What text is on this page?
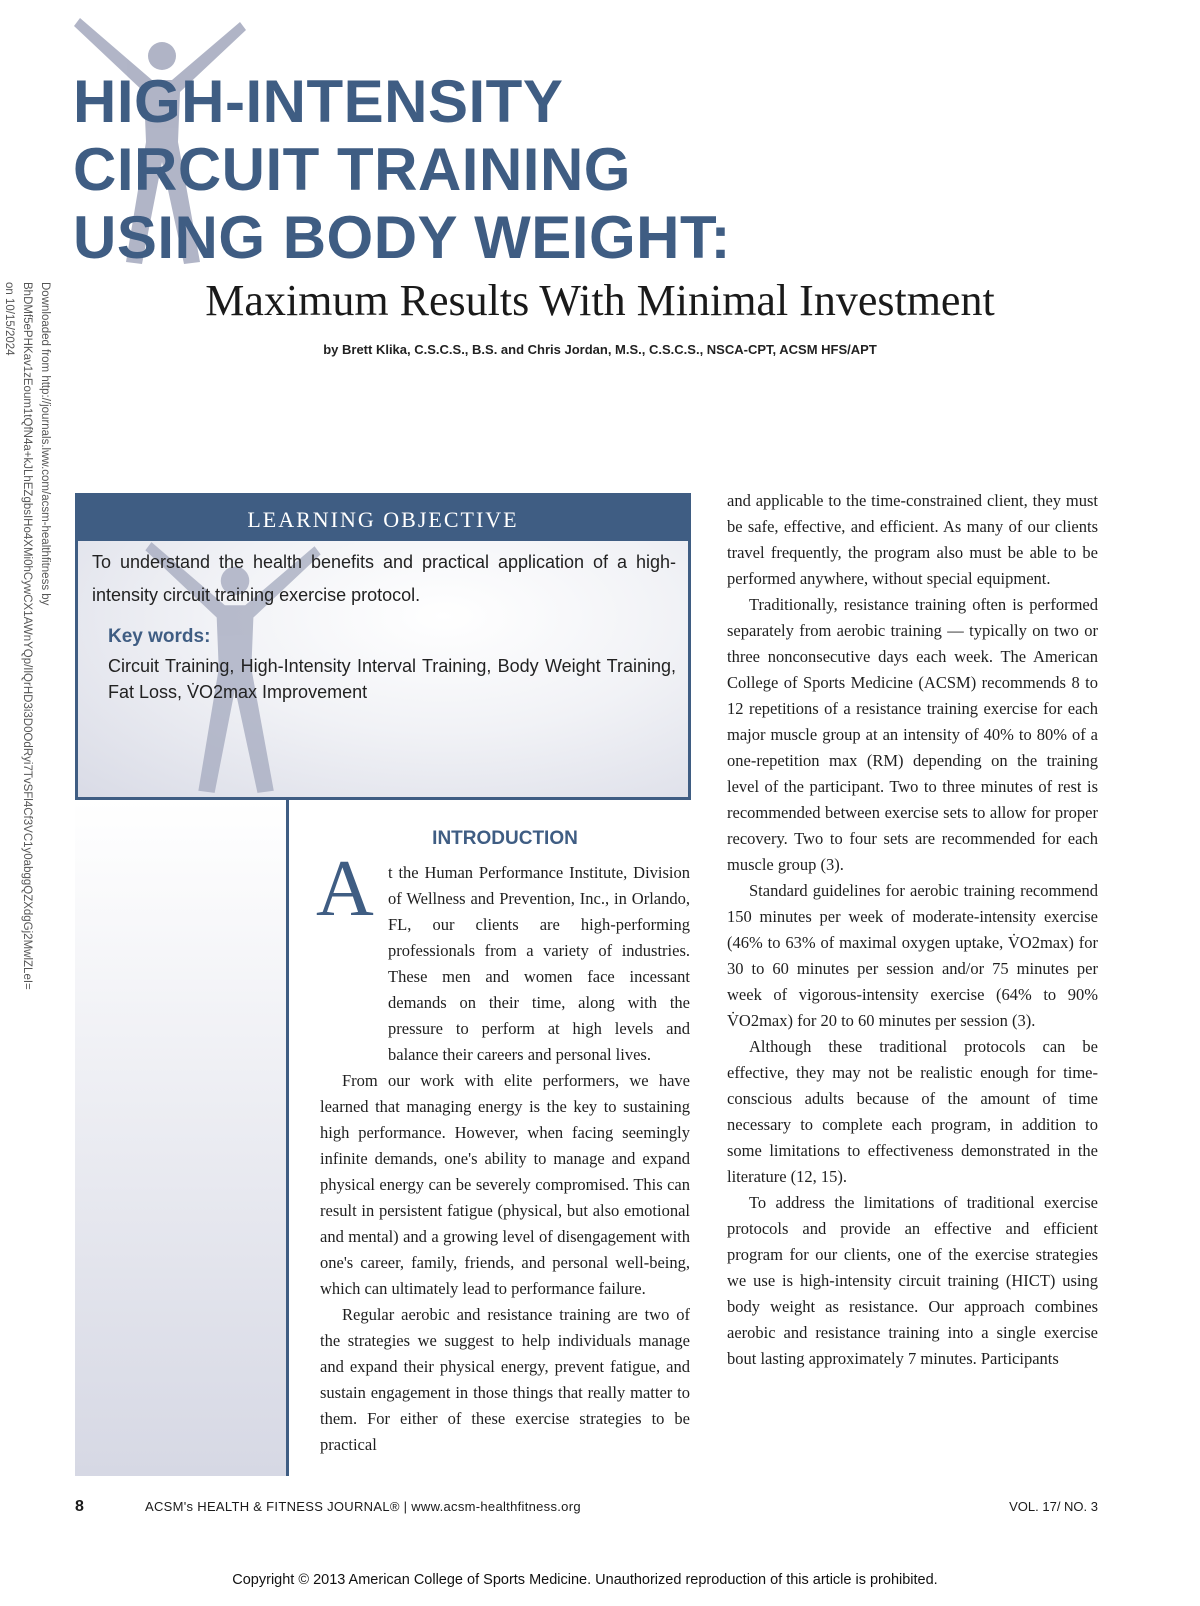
HIGH-INTENSITY
CIRCUIT TRAINING
USING BODY WEIGHT:
Maximum Results With Minimal Investment
by Brett Klika, C.S.C.S., B.S. and Chris Jordan, M.S., C.S.C.S., NSCA-CPT, ACSM HFS/APT
Downloaded from http://journals.lww.com/acsm-healthfitness by BhDMf5ePHKav1zEoum1tQfN4a+kJLhEZgbsIHo4XMi0hCywCX1AWnYQp/IlQrHD3i3D0OdRyi7TvSFl4Cf3VC1y0abggQZXdgGj2MwlZLeI= on 10/15/2024
LEARNING OBJECTIVE
To understand the health benefits and practical application of a high-intensity circuit training exercise protocol.
Key words:
Circuit Training, High-Intensity Interval Training, Body Weight Training, Fat Loss, V̇O2max Improvement
INTRODUCTION
A t the Human Performance Institute, Division of Wellness and Prevention, Inc., in Orlando, FL, our clients are high-performing professionals from a variety of industries. These men and women face incessant demands on their time, along with the pressure to perform at high levels and balance their careers and personal lives.

From our work with elite performers, we have learned that managing energy is the key to sustaining high performance. However, when facing seemingly infinite demands, one's ability to manage and expand physical energy can be severely compromised. This can result in persistent fatigue (physical, but also emotional and mental) and a growing level of disengagement with one's career, family, friends, and personal well-being, which can ultimately lead to performance failure.

Regular aerobic and resistance training are two of the strategies we suggest to help individuals manage and expand their physical energy, prevent fatigue, and sustain engagement in those things that really matter to them. For either of these exercise strategies to be practical

and applicable to the time-constrained client, they must be safe, effective, and efficient. As many of our clients travel frequently, the program also must be able to be performed anywhere, without special equipment.

Traditionally, resistance training often is performed separately from aerobic training — typically on two or three nonconsecutive days each week. The American College of Sports Medicine (ACSM) recommends 8 to 12 repetitions of a resistance training exercise for each major muscle group at an intensity of 40% to 80% of a one-repetition max (RM) depending on the training level of the participant. Two to three minutes of rest is recommended between exercise sets to allow for proper recovery. Two to four sets are recommended for each muscle group (3).

Standard guidelines for aerobic training recommend 150 minutes per week of moderate-intensity exercise (46% to 63% of maximal oxygen uptake, V̇O2max) for 30 to 60 minutes per session and/or 75 minutes per week of vigorous-intensity exercise (64% to 90% V̇O2max) for 20 to 60 minutes per session (3).

Although these traditional protocols can be effective, they may not be realistic enough for time-conscious adults because of the amount of time necessary to complete each program, in addition to some limitations to effectiveness demonstrated in the literature (12, 15).

To address the limitations of traditional exercise protocols and provide an effective and efficient program for our clients, one of the exercise strategies we use is high-intensity circuit training (HICT) using body weight as resistance. Our approach combines aerobic and resistance training into a single exercise bout lasting approximately 7 minutes. Participants

8	ACSM's HEALTH & FITNESS JOURNAL® | www.acsm-healthfitness.org	VOL. 17/ NO. 3
Copyright © 2013 American College of Sports Medicine. Unauthorized reproduction of this article is prohibited.
